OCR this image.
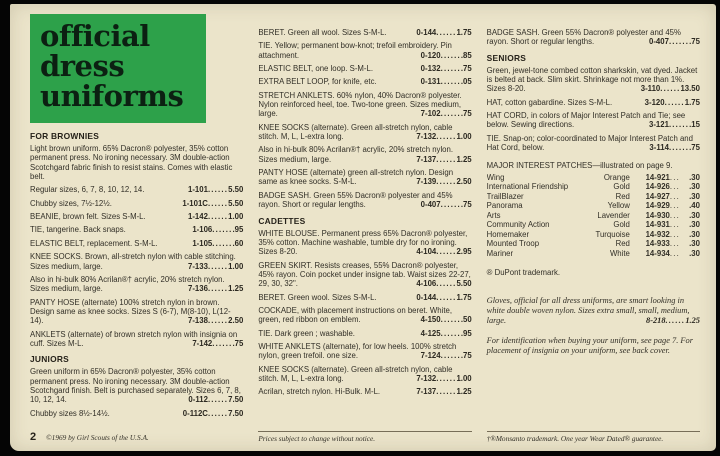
official
dress
uniforms
FOR BROWNIES

Light brown uniform. 65% Dacron® polyester, 35% cotton permanent press. No ironing necessary. 3M double-action Scotchgard fabric finish to resist stains. Comes with elastic belt.

Regular sizes, 6, 7, 8, 10, 12, 14.	1-101......5.50

Chubby sizes, 7½-12½.	1-101C......5.50

BEANIE, brown felt. Sizes S-M-L.	1-142......1.00

TIE, tangerine. Back snaps.	1-106.......95

ELASTIC BELT, replacement. S-M-L.	1-105.......60

KNEE SOCKS. Brown, all-stretch nylon with cable stitching. Sizes medium, large.	7-133......1.00

Also in hi-bulk 80% Acrilan®† acrylic, 20% stretch nylon. Sizes medium, large.	7-136......1.25

PANTY HOSE (alternate) 100% stretch nylon in brown. Design same as knee socks. Sizes S (6-7), M(8-10), L(12-14).	7-138......2.50

ANKLETS (alternate) of brown stretch nylon with insignia on cuff. Sizes M-L.	7-142.......75

JUNIORS

Green uniform in 65% Dacron® polyester, 35% cotton permanent press. No ironing necessary. 3M double-action Scotchgard finish. Belt is purchased separately. Sizes 6, 7, 8, 10, 12, 14.	0-112......7.50

Chubby sizes 8½-14½.	0-112C......7.50

BERET. Green all wool. Sizes S-M-L.	0-144......1.75

TIE. Yellow; permanent bow-knot; trefoil embroidery. Pin attachment.	0-120.......85

ELASTIC BELT, one loop. S-M-L.	0-132.......75

EXTRA BELT LOOP, for knife, etc.	0-131.......05

STRETCH ANKLETS. 60% nylon, 40% Dacron® polyester. Nylon reinforced heel, toe. Two-tone green. Sizes medium, large.	7-102.......75

KNEE SOCKS (alternate). Green all-stretch nylon, cable stitch. M, L, L-extra long.	7-132......1.00

Also in hi-bulk 80% Acrilan®† acrylic, 20% stretch nylon. Sizes medium, large.	7-137......1.25

PANTY HOSE (alternate) green all-stretch nylon. Design same as knee socks. S-M-L.	7-139......2.50

BADGE SASH. Green 55% Dacron® polyester and 45% rayon. Short or regular lengths.	0-407.......75

CADETTES

WHITE BLOUSE. Permanent press 65% Dacron® polyester, 35% cotton. Machine washable, tumble dry for no ironing. Sizes 8-20.	4-104......2.95

GREEN SKIRT. Resists creases, 55% Dacron® polyester, 45% rayon. Coin pocket under insigne tab. Waist sizes 22-27, 29, 30, 32".	4-106......5.50

BERET. Green wool. Sizes S-M-L.	0-144......1.75

COCKADE, with placement instructions on beret. White, green, red ribbon on emblem.	4-150.......50

TIE. Dark green ; washable.	4-125.......95

WHITE ANKLETS (alternate), for low heels. 100% stretch nylon, green trefoil. one size.	7-124.......75

KNEE SOCKS (alternate). Green all-stretch nylon, cable stitch. M, L, L-extra long.	7-132......1.00

Acrilan, stretch nylon. Hi-Bulk. M-L.	7-137......1.25

BADGE SASH. Green 55% Dacron® polyester and 45% rayon. Short or regular lengths.	0-407.......75

SENIORS

Green, jewel-tone combed cotton sharkskin, vat dyed. Jacket is belted at back. Slim skirt. Shrinkage not more than 1%. Sizes 8-20.	3-110......13.50

HAT, cotton gabardine. Sizes S-M-L.	3-120......1.75

HAT CORD, in colors of Major Interest Patch and Tie; see below. Sewing directions.	3-121.......15

TIE. Snap-on; color-coordinated to Major Interest Patch and Hat Cord, below.	3-114.......75

MAJOR INTEREST PATCHES—illustrated on page 9.

Wing	Orange	14-921 ...	.30
International Friendship	Gold	14-926 ...	.30
TrailBlazer	Red	14-927 ...	.30
Panorama	Yellow	14-929 ...	.40
Arts	Lavender	14-930 ...	.30
Community Action	Gold	14-931 ...	.30
Homemaker	Turquoise	14-932 ...	.30
Mounted Troop	Red	14-933 ...	.30
Mariner	White	14-934 ...	.30

® DuPont trademark.

Gloves, official for all dress uniforms, are smart looking in white double woven nylon. Sizes extra small, small, medium, large.	8-218......1.25

For identification when buying your uniform, see page 7. For placement of insignia on your uniform, see back cover.

2 ©1969 by Girl Scouts of the U.S.A.	Prices subject to change without notice.	†®Monsanto trademark. One year Wear Dated® guarantee.
